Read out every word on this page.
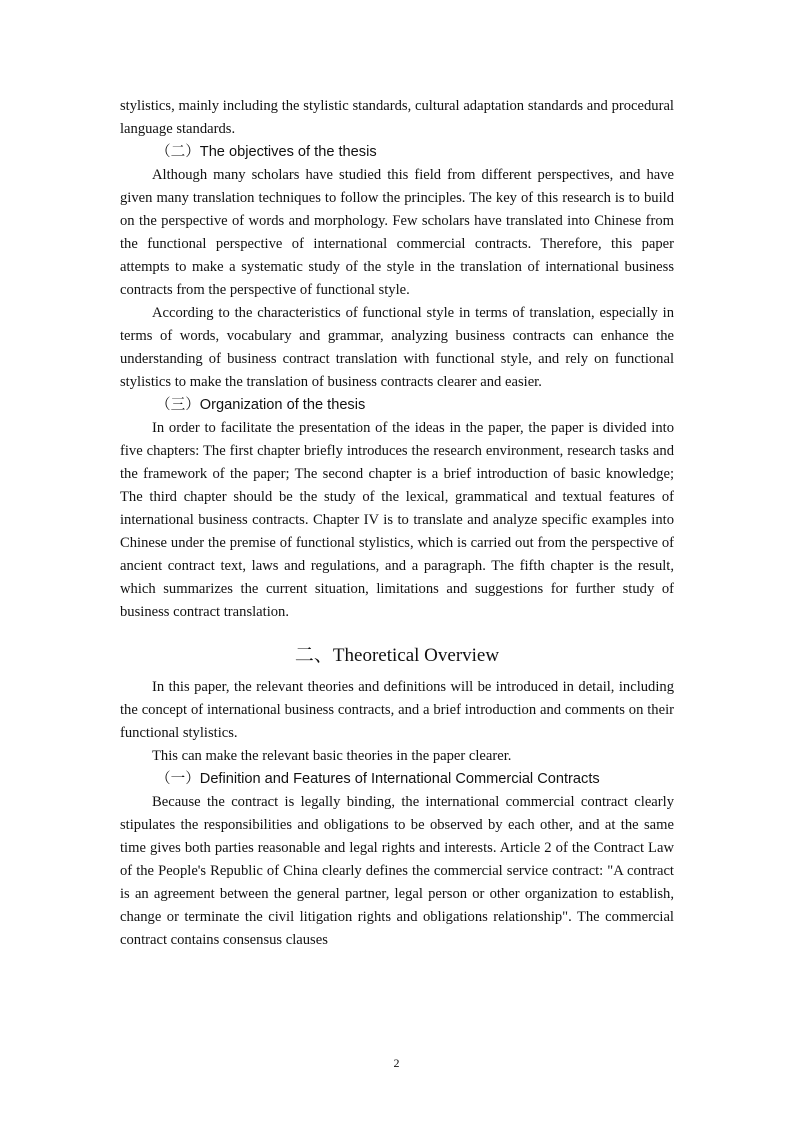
stylistics, mainly including the stylistic standards, cultural adaptation standards and procedural language standards.

（二）The objectives of the thesis

Although many scholars have studied this field from different perspectives, and have given many translation techniques to follow the principles. The key of this research is to build on the perspective of words and morphology. Few scholars have translated into Chinese from the functional perspective of international commercial contracts. Therefore, this paper attempts to make a systematic study of the style in the translation of international business contracts from the perspective of functional style.

According to the characteristics of functional style in terms of translation, especially in terms of words, vocabulary and grammar, analyzing business contracts can enhance the understanding of business contract translation with functional style, and rely on functional stylistics to make the translation of business contracts clearer and easier.

（三）Organization of the thesis

In order to facilitate the presentation of the ideas in the paper, the paper is divided into five chapters: The first chapter briefly introduces the research environment, research tasks and the framework of the paper; The second chapter is a brief introduction of basic knowledge; The third chapter should be the study of the lexical, grammatical and textual features of international business contracts. Chapter IV is to translate and analyze specific examples into Chinese under the premise of functional stylistics, which is carried out from the perspective of ancient contract text, laws and regulations, and a paragraph. The fifth chapter is the result, which summarizes the current situation, limitations and suggestions for further study of business contract translation.

二、Theoretical Overview

In this paper, the relevant theories and definitions will be introduced in detail, including the concept of international business contracts, and a brief introduction and comments on their functional stylistics.

This can make the relevant basic theories in the paper clearer.

（一）Definition and Features of International Commercial Contracts

Because the contract is legally binding, the international commercial contract clearly stipulates the responsibilities and obligations to be observed by each other, and at the same time gives both parties reasonable and legal rights and interests. Article 2 of the Contract Law of the People's Republic of China clearly defines the commercial service contract: "A contract is an agreement between the general partner, legal person or other organization to establish, change or terminate the civil litigation rights and obligations relationship". The commercial contract contains consensus clauses

2
